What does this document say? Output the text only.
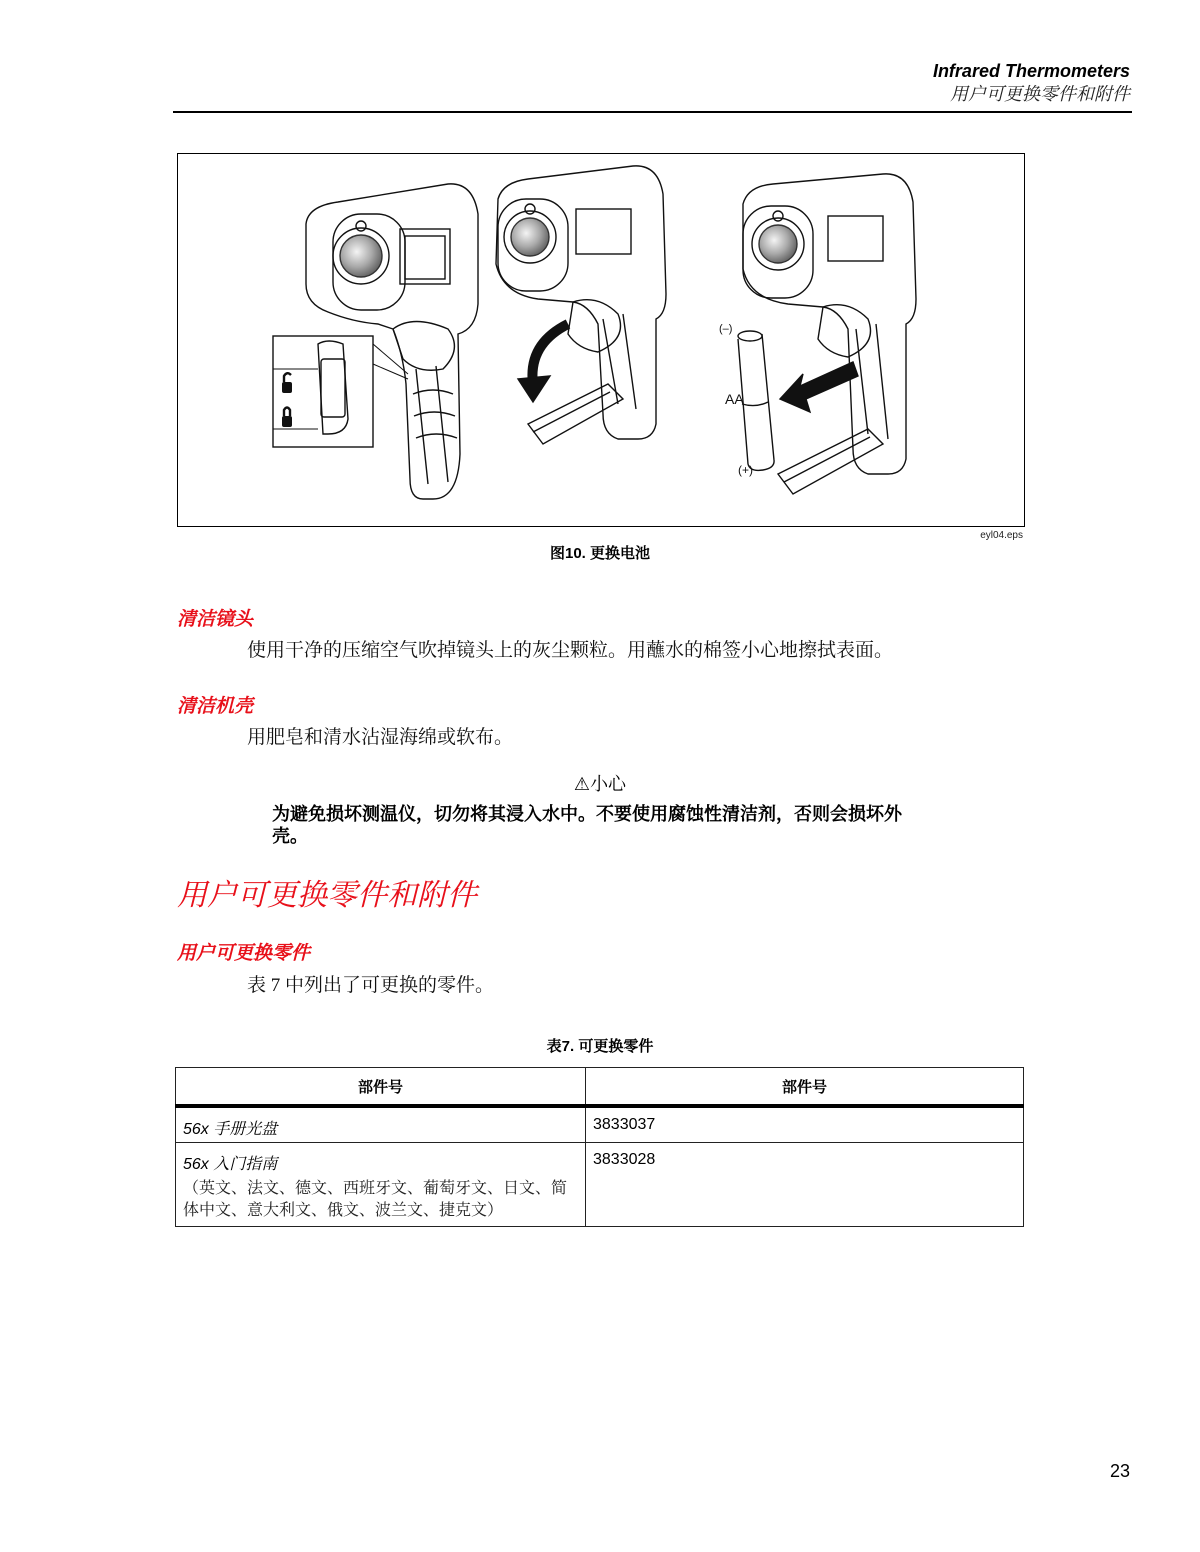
Infrared Thermometers
用户可更换零件和附件
(–)
AA
(+)
eyl04.eps
图10. 更换电池
清洁镜头
使用干净的压缩空气吹掉镜头上的灰尘颗粒。用蘸水的棉签小心地擦拭表面。
清洁机壳
用肥皂和清水沾湿海绵或软布。
⚠小心
为避免损坏测温仪，切勿将其浸入水中。不要使用腐蚀性清洁剂，否则会损坏外壳。
用户可更换零件和附件
用户可更换零件
表 7 中列出了可更换的零件。
表7. 可更换零件
部件号	部件号
56x 手册光盘	3833037
56x 入门指南
（英文、法文、德文、西班牙文、葡萄牙文、日文、简体中文、意大利文、俄文、波兰文、捷克文）	3833028
23
